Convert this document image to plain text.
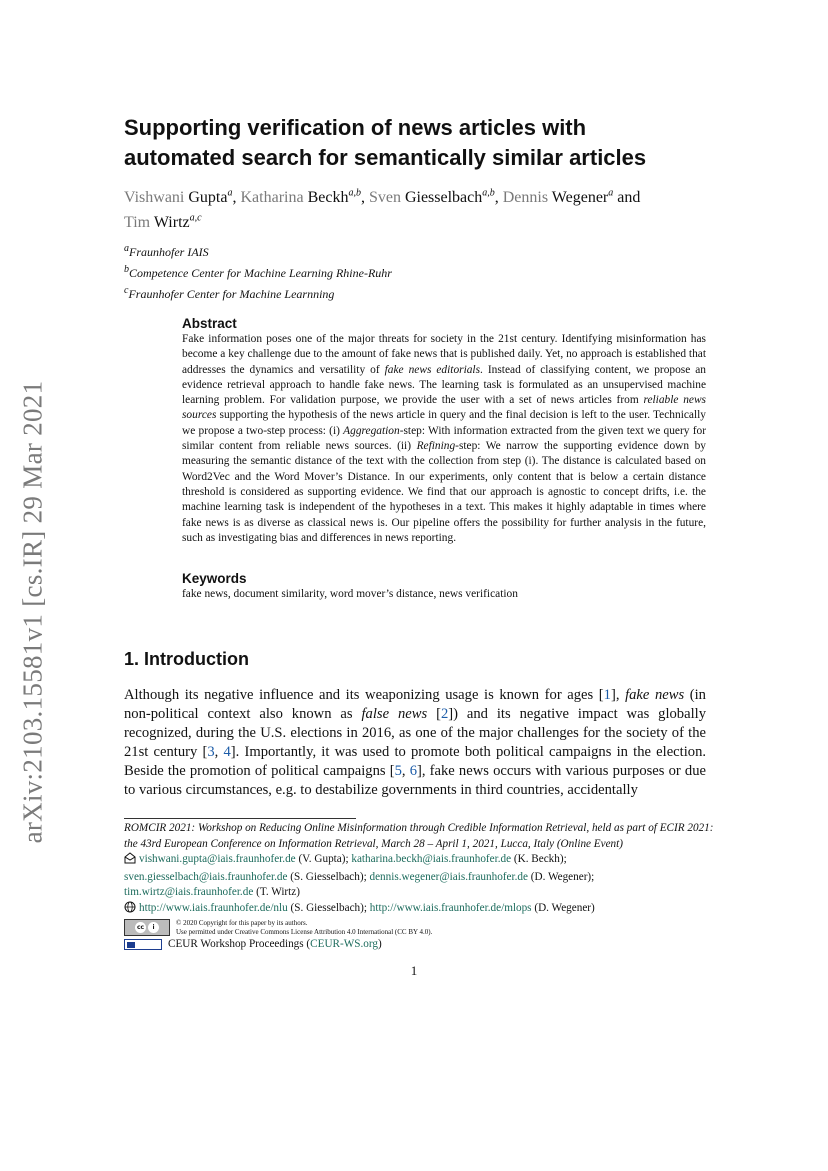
arXiv:2103.15581v1 [cs.IR] 29 Mar 2021
Supporting verification of news articles with
automated search for semantically similar articles
Vishwani Gupta$^a$, Katharina Beckh$^{a,b}$, Sven Giesselbach$^{a,b}$, Dennis Wegener$^a$ and
Tim Wirtz$^{a,c}$
$^a$Fraunhofer IAIS
$^b$Competence Center for Machine Learning Rhine-Ruhr
$^c$Fraunhofer Center for Machine Learnning
Abstract

Fake information poses one of the major threats for society in the 21st century. Identifying misinformation has become a key challenge due to the amount of fake news that is published daily. Yet, no approach is established that addresses the dynamics and versatility of fake news editorials. Instead of classifying content, we propose an evidence retrieval approach to handle fake news. The learning task is formulated as an unsupervised machine learning problem. For validation purpose, we provide the user with a set of news articles from reliable news sources supporting the hypothesis of the news article in query and the final decision is left to the user. Technically we propose a two-step process: (i) Aggregation-step: With information extracted from the given text we query for similar content from reliable news sources. (ii) Refining-step: We narrow the supporting evidence down by measuring the semantic distance of the text with the collection from step (i). The distance is calculated based on Word2Vec and the Word Mover’s Distance. In our experiments, only content that is below a certain distance threshold is considered as supporting evidence. We find that our approach is agnostic to concept drifts, i.e. the machine learning task is independent of the hypotheses in a text. This makes it highly adaptable in times where fake news is as diverse as classical news is. Our pipeline offers the possibility for further analysis in the future, such as investigating bias and differences in news reporting.

Keywords

fake news, document similarity, word mover’s distance, news verification

1. Introduction

Although its negative influence and its weaponizing usage is known for ages [1], fake news (in non-political context also known as false news [2]) and its negative impact was globally recognized, during the U.S. elections in 2016, as one of the major challenges for the society of the 21st century [3, 4]. Importantly, it was used to promote both political campaigns in the election. Beside the promotion of political campaigns [5, 6], fake news occurs with various purposes or due to various circumstances, e.g. to destabilize governments in third countries, accidentally

ROMCIR 2021: Workshop on Reducing Online Misinformation through Credible Information Retrieval, held as part of ECIR 2021: the 43rd European Conference on Information Retrieval, March 28 – April 1, 2021, Lucca, Italy (Online Event)
vishwani.gupta@iais.fraunhofer.de (V. Gupta); katharina.beckh@iais.fraunhofer.de (K. Beckh);
sven.giesselbach@iais.fraunhofer.de (S. Giesselbach); dennis.wegener@iais.fraunhofer.de (D. Wegener);
tim.wirtz@iais.fraunhofer.de (T. Wirtz)
http://www.iais.fraunhofer.de/nlu (S. Giesselbach); http://www.iais.fraunhofer.de/mlops (D. Wegener)
cc	i
© 2020 Copyright for this paper by its authors.
Use permitted under Creative Commons License Attribution 4.0 International (CC BY 4.0).
CEUR Workshop Proceedings ( CEUR-WS.org )
1
